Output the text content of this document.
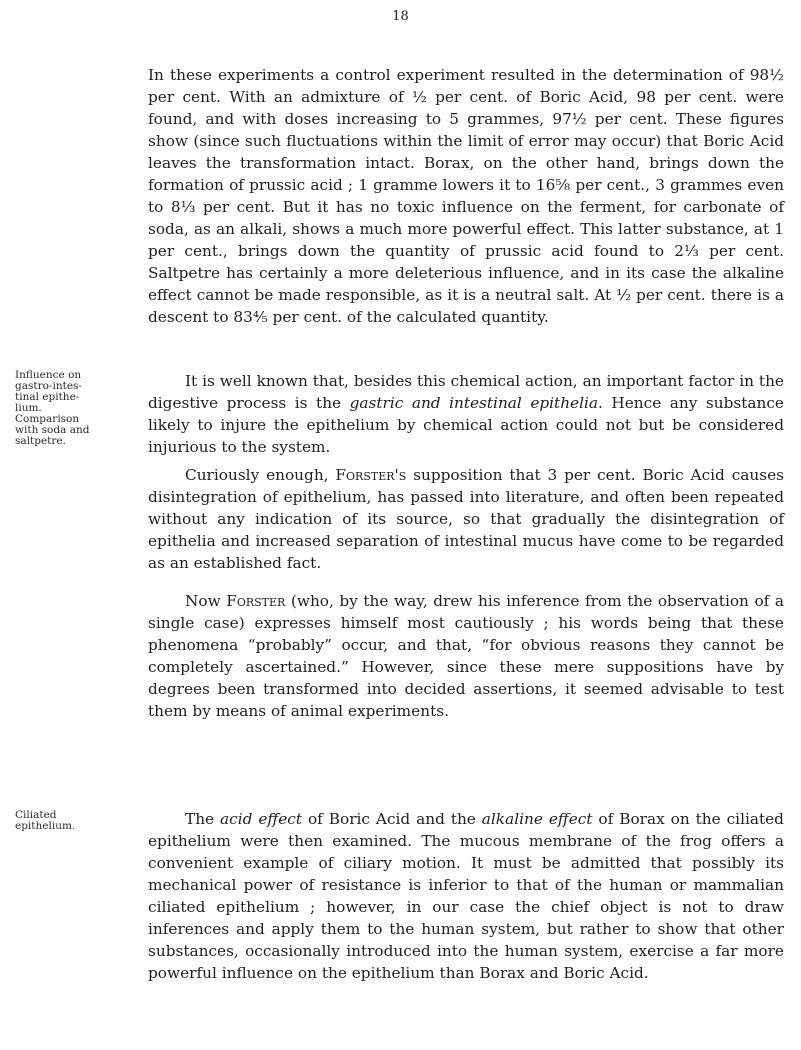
18

In these experiments a control experiment resulted in the determination of 98½ per cent. With an admixture of ½ per cent. of Boric Acid, 98 per cent. were found, and with doses increasing to 5 grammes, 97½ per cent. These figures show (since such fluctuations within the limit of error may occur) that Boric Acid leaves the transformation intact. Borax, on the other hand, brings down the formation of prussic acid ; 1 gramme lowers it to 16⅝ per cent., 3 grammes even to 8⅓ per cent. But it has no toxic influence on the ferment, for carbonate of soda, as an alkali, shows a much more powerful effect. This latter substance, at 1 per cent., brings down the quantity of prussic acid found to 2⅓ per cent. Saltpetre has certainly a more deleterious influence, and in its case the alkaline effect cannot be made responsible, as it is a neutral salt. At ½ per cent. there is a descent to 83⅘ per cent. of the calculated quantity.

Influence on
gastro-intes-
tinal epithe-
lium.
Comparison
with soda and
saltpetre.

It is well known that, besides this chemical action, an important factor in the digestive process is the gastric and intestinal epithelia. Hence any substance likely to injure the epithelium by chemical action could not but be considered injurious to the system.

Curiously enough, Forster's supposition that 3 per cent. Boric Acid causes disintegration of epithelium, has passed into literature, and often been repeated without any indication of its source, so that gradually the disintegration of epithelia and increased separation of intestinal mucus have come to be regarded as an established fact.

Now Forster (who, by the way, drew his inference from the observation of a single case) expresses himself most cautiously ; his words being that these phenomena “probably” occur, and that, “for obvious reasons they cannot be completely ascertained.” However, since these mere suppositions have by degrees been transformed into decided assertions, it seemed advisable to test them by means of animal experiments.

Ciliated
epithelium.	The acid effect of Boric Acid and the alkaline effect of Borax on the ciliated epithelium were then examined. The mucous membrane of the frog offers a convenient example of ciliary motion. It must be admitted that possibly its mechanical power of resistance is inferior to that of the human or mammalian ciliated epithelium ; however, in our case the chief object is not to draw inferences and apply them to the human system, but rather to show that other substances, occasionally introduced into the human system, exercise a far more powerful influence on the epithelium than Borax and Boric Acid.
